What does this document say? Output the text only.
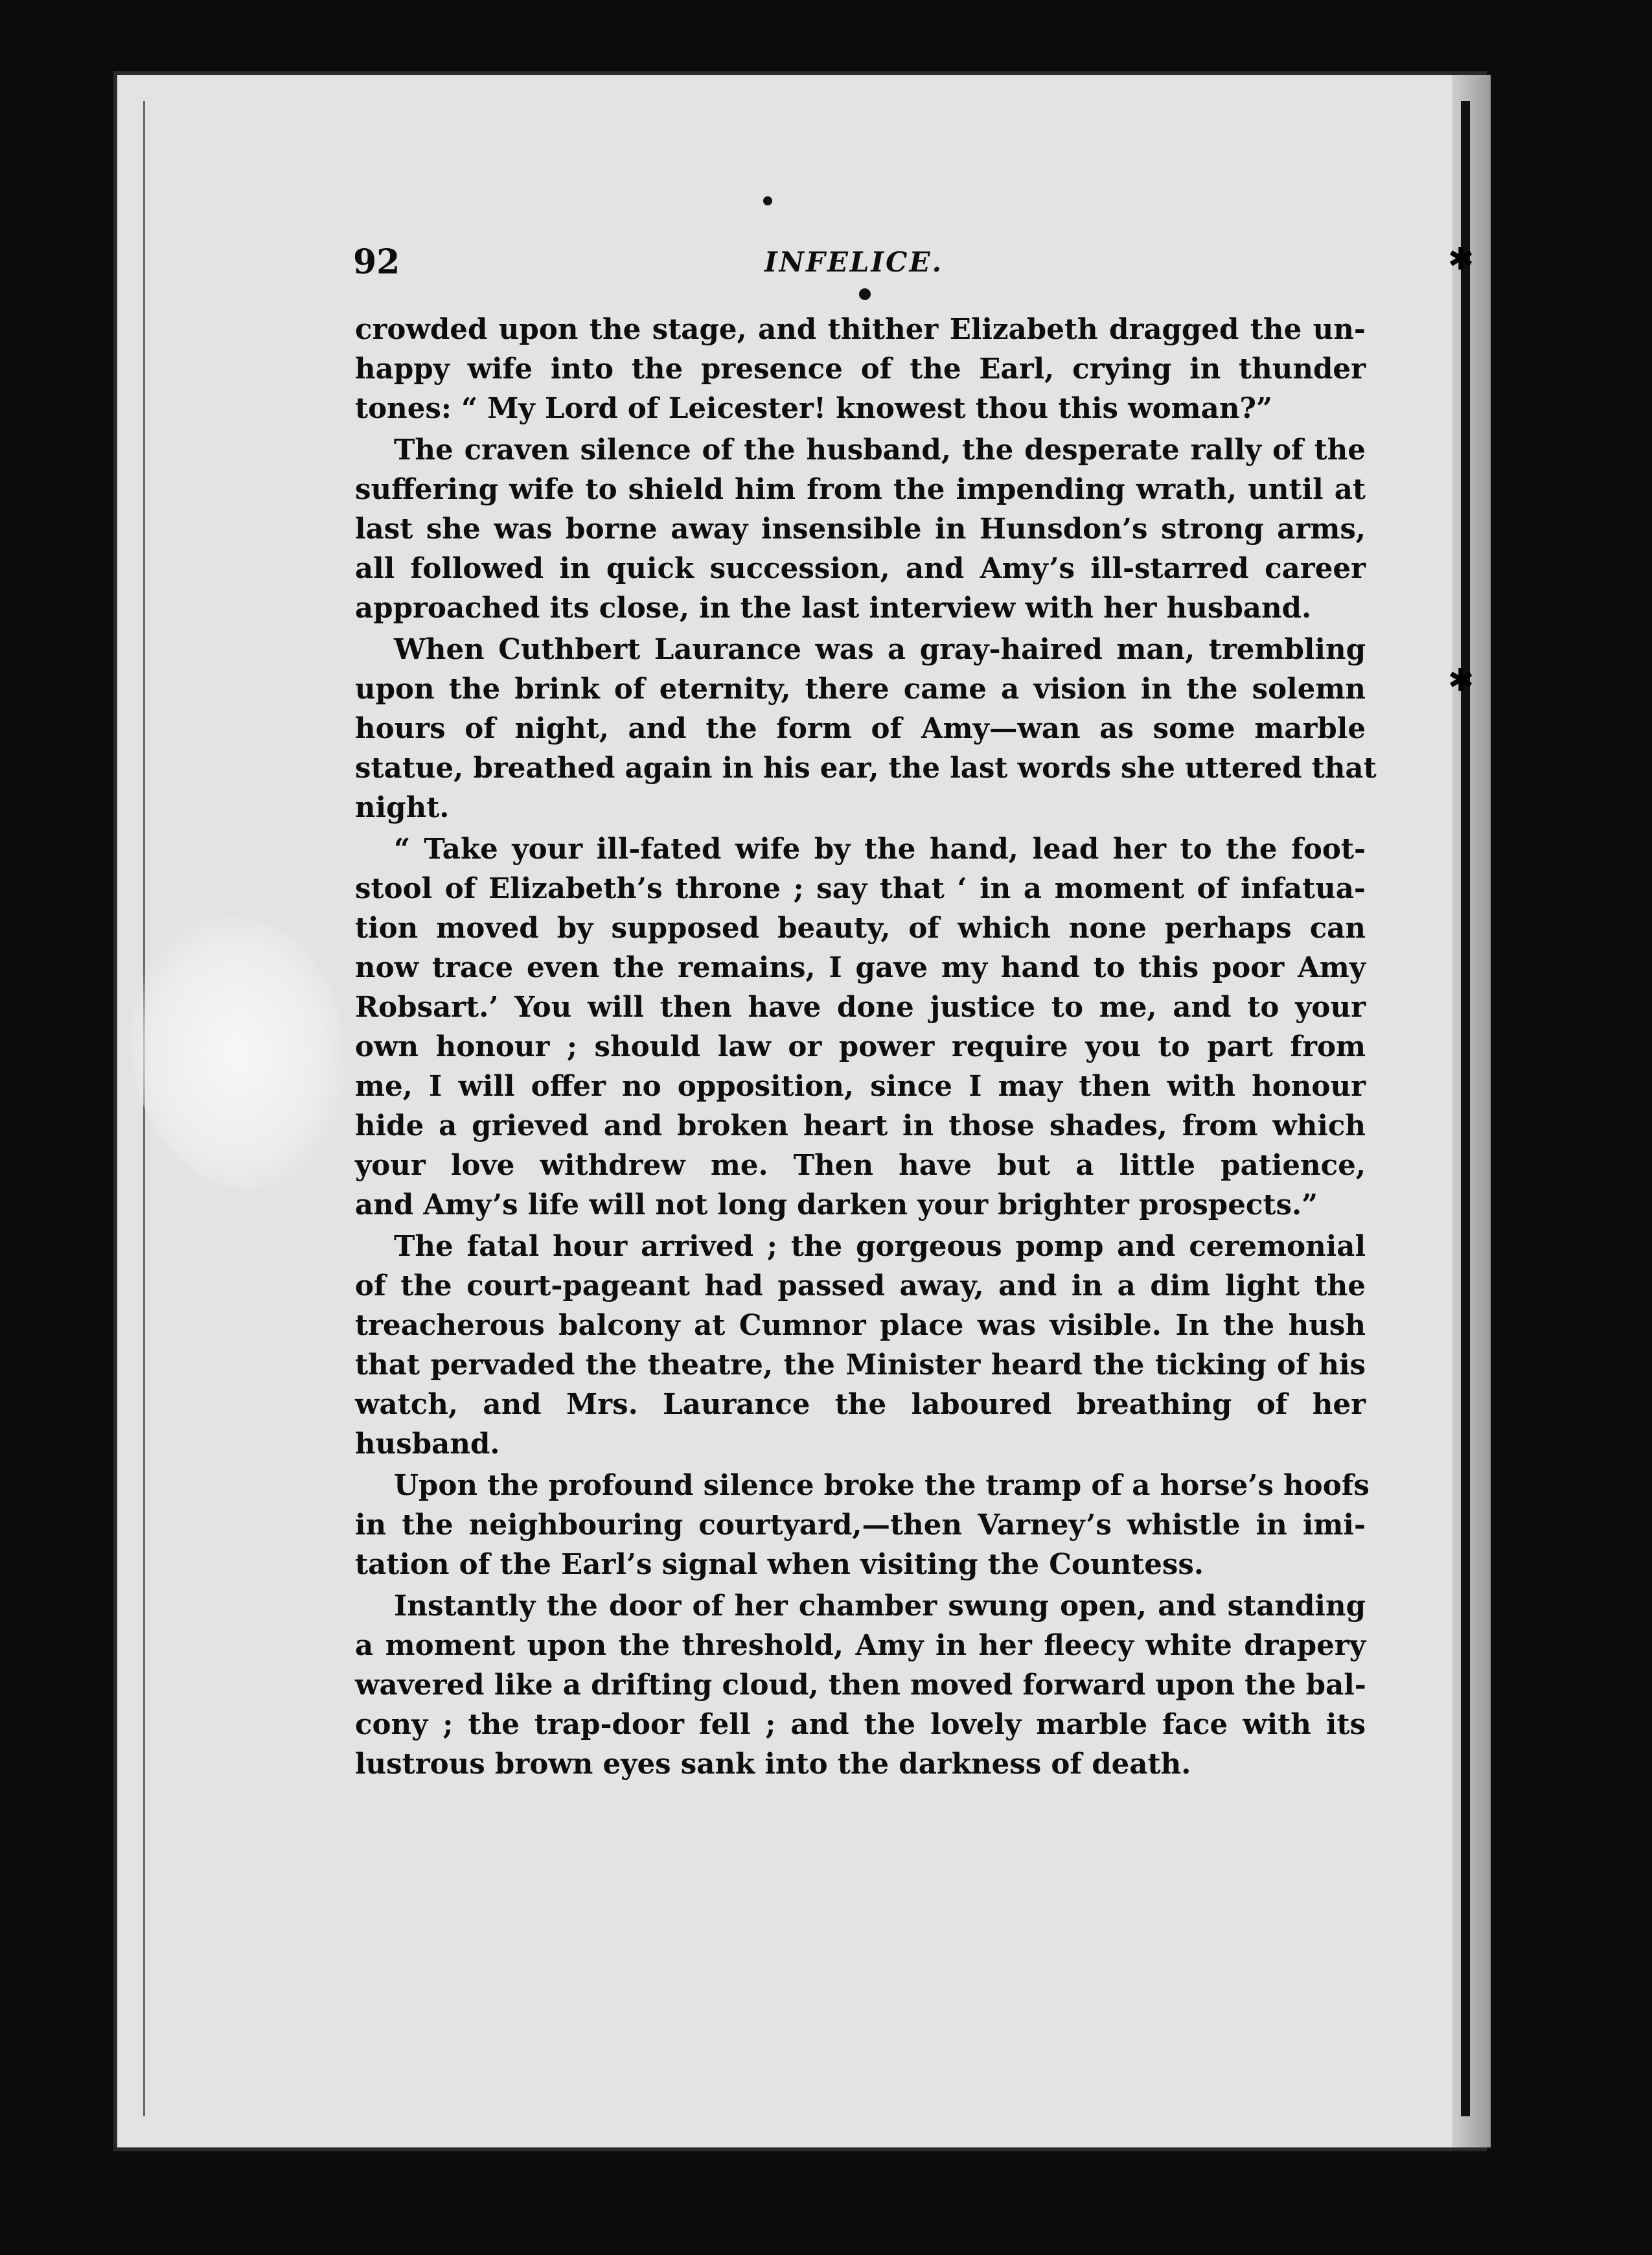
✱
✱
92	INFELICE.
crowded upon the stage, and thither Elizabeth dragged the un-
happy wife into the presence of the Earl, crying in thunder
tones: “ My Lord of Leicester! knowest thou this woman?”
The craven silence of the husband, the desperate rally of the
suffering wife to shield him from the impending wrath, until at
last she was borne away insensible in Hunsdon’s strong arms,
all followed in quick succession, and Amy’s ill-starred career
approached its close, in the last interview with her husband.
When Cuthbert Laurance was a gray-haired man, trembling
upon the brink of eternity, there came a vision in the solemn
hours of night, and the form of Amy—wan as some marble
statue, breathed again in his ear, the last words she uttered that
night.
“ Take your ill-fated wife by the hand, lead her to the foot-
stool of Elizabeth’s throne ; say that ‘ in a moment of infatua-
tion moved by supposed beauty, of which none perhaps can
now trace even the remains, I gave my hand to this poor Amy
Robsart.’ You will then have done justice to me, and to your
own honour ; should law or power require you to part from
me, I will offer no opposition, since I may then with honour
hide a grieved and broken heart in those shades, from which
your love withdrew me. Then have but a little patience,
and Amy’s life will not long darken your brighter prospects.”
The fatal hour arrived ; the gorgeous pomp and ceremonial
of the court-pageant had passed away, and in a dim light the
treacherous balcony at Cumnor place was visible. In the hush
that pervaded the theatre, the Minister heard the ticking of his
watch, and Mrs. Laurance the laboured breathing of her
husband.
Upon the profound silence broke the tramp of a horse’s hoofs
in the neighbouring courtyard,—then Varney’s whistle in imi-
tation of the Earl’s signal when visiting the Countess.
Instantly the door of her chamber swung open, and standing
a moment upon the threshold, Amy in her fleecy white drapery
wavered like a drifting cloud, then moved forward upon the bal-
cony ; the trap-door fell ; and the lovely marble face with its
lustrous brown eyes sank into the darkness of death.
